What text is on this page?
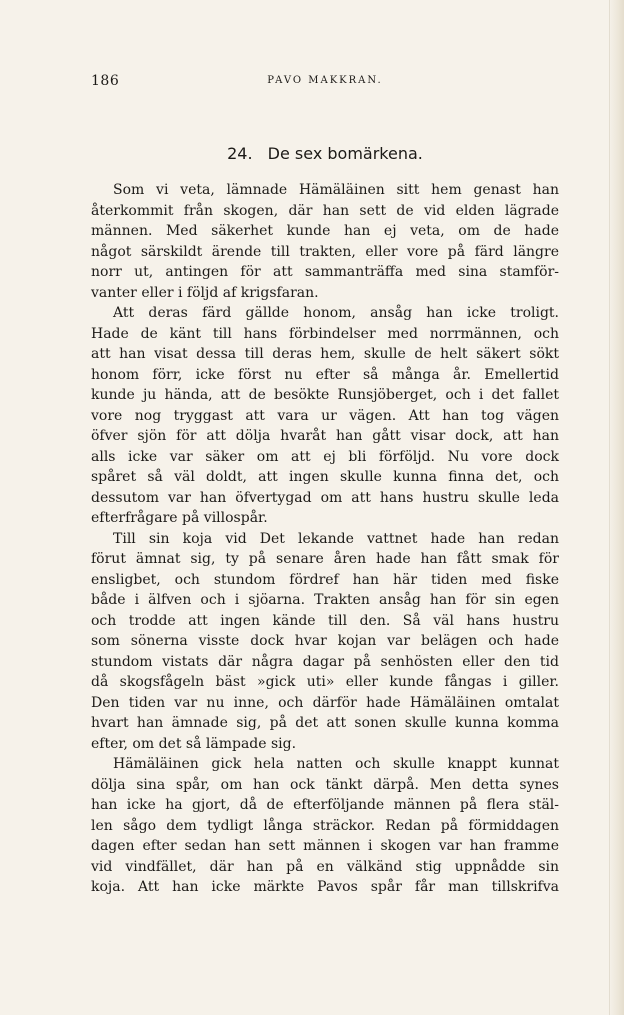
186	PAVO MAKKRAN.
24. De sex bomärkena.
Som vi veta, lämnade Hämäläinen sitt hem genast han
återkommit från skogen, där han sett de vid elden lägrade
männen. Med säkerhet kunde han ej veta, om de hade
något särskildt ärende till trakten, eller vore på färd längre
norr ut, antingen för att sammanträffa med sina stamför-
vanter eller i följd af krigsfaran.
Att deras färd gällde honom, ansåg han icke troligt.
Hade de känt till hans förbindelser med norrmännen, och
att han visat dessa till deras hem, skulle de helt säkert sökt
honom förr, icke först nu efter så många år. Emellertid
kunde ju hända, att de besökte Runsjöberget, och i det fallet
vore nog tryggast att vara ur vägen. Att han tog vägen
öfver sjön för att dölja hvaråt han gått visar dock, att han
alls icke var säker om att ej bli förföljd. Nu vore dock
spåret så väl doldt, att ingen skulle kunna finna det, och
dessutom var han öfvertygad om att hans hustru skulle leda
efterfrågare på villospår.
Till sin koja vid Det lekande vattnet hade han redan
förut ämnat sig, ty på senare åren hade han fått smak för
ensligbet, och stundom fördref han här tiden med fiske
både i älfven och i sjöarna. Trakten ansåg han för sin egen
och trodde att ingen kände till den. Så väl hans hustru
som sönerna visste dock hvar kojan var belägen och hade
stundom vistats där några dagar på senhösten eller den tid
då skogsfågeln bäst »gick uti» eller kunde fångas i giller.
Den tiden var nu inne, och därför hade Hämäläinen omtalat
hvart han ämnade sig, på det att sonen skulle kunna komma
efter, om det så lämpade sig.
Hämäläinen gick hela natten och skulle knappt kunnat
dölja sina spår, om han ock tänkt därpå. Men detta synes
han icke ha gjort, då de efterföljande männen på flera stäl-
len sågo dem tydligt långa sträckor. Redan på förmiddagen
dagen efter sedan han sett männen i skogen var han framme
vid vindfället, där han på en välkänd stig uppnådde sin
koja. Att han icke märkte Pavos spår får man tillskrifva
